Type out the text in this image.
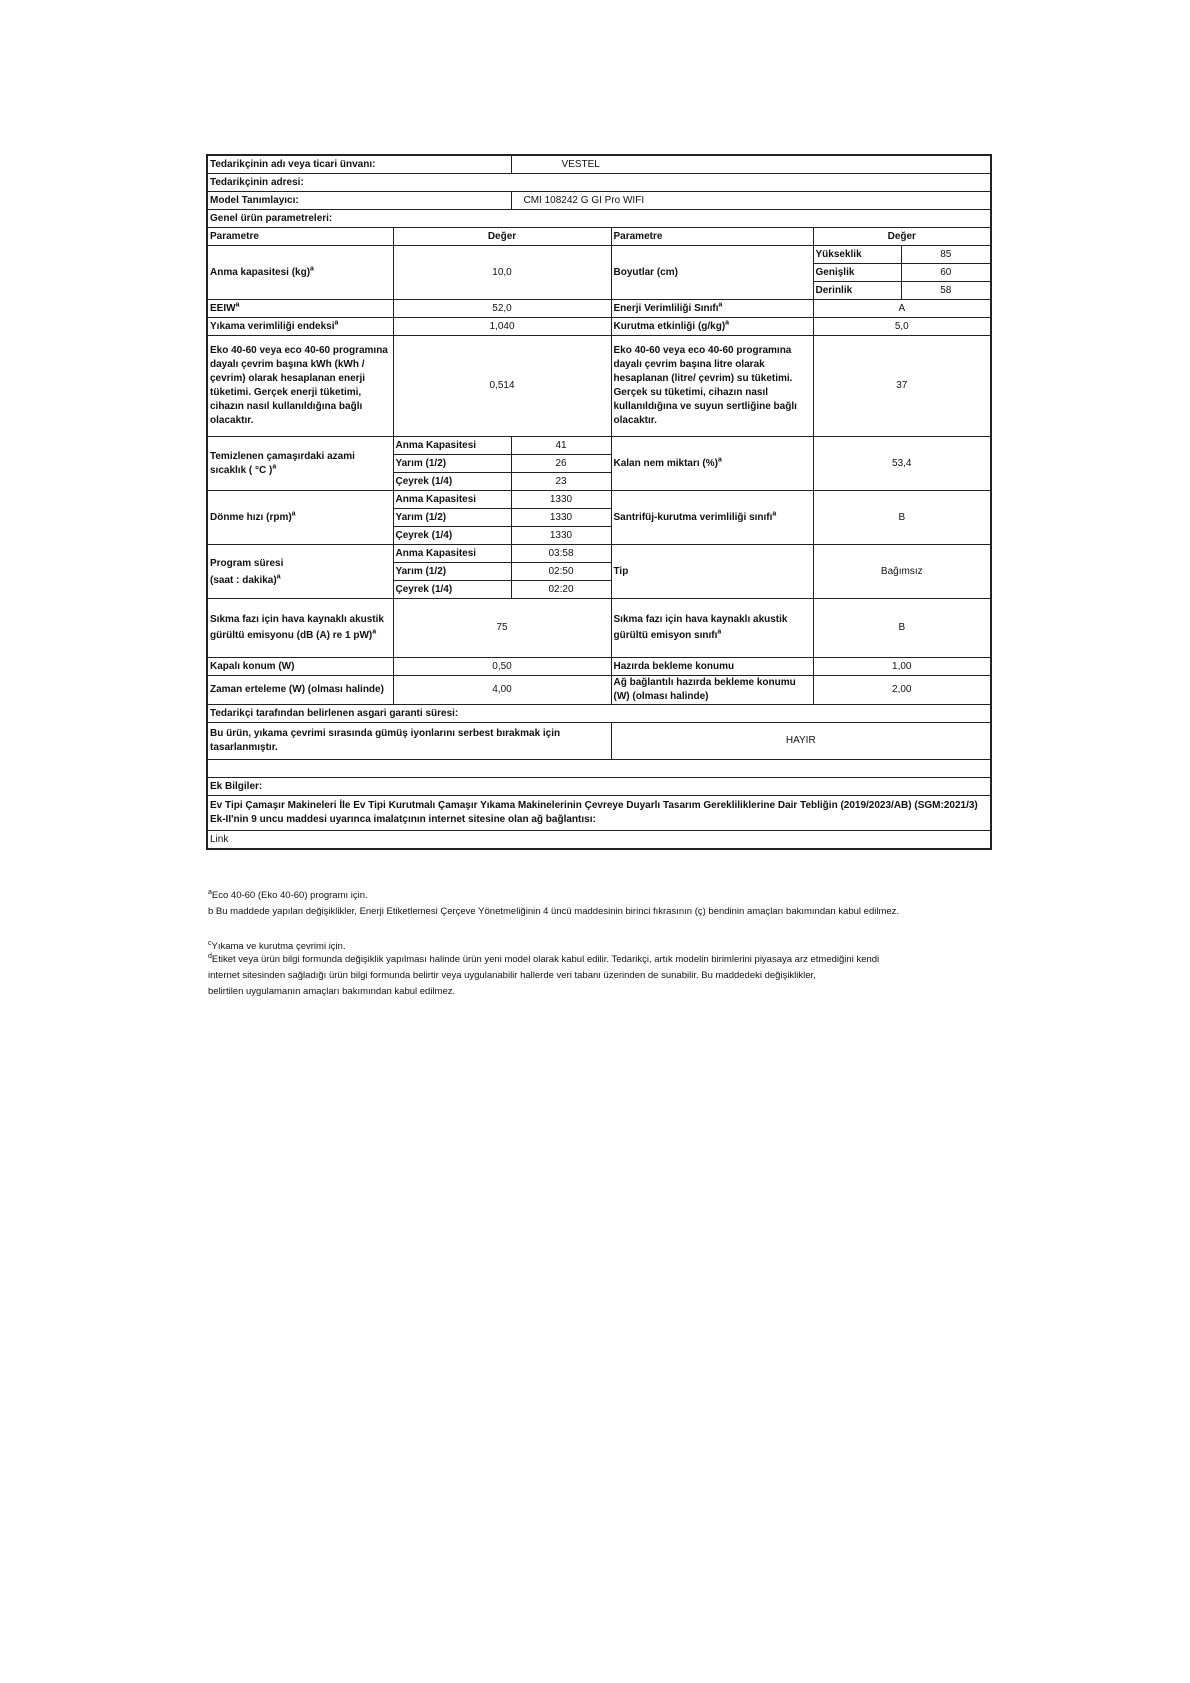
Tedarikçinin adı veya ticari ünvanı:		VESTEL			
Tedarikçinin adresi:					
Model Tanımlayıcı:		CMI 108242 G GI Pro WIFI			
Genel ürün parametreleri:					
Parametre	Değer		Parametre	Değer	
Anma kapasitesi (kg)$^a$	10,0		Boyutlar (cm)	Yükseklik	85
				Genişlik	60
				Derinlik	58
EEIW$^a$	52,0		Enerji Verimliliği Sınıfı$^a$	A	
Yıkama verimliliği endeksi$^a$	1,040		Kurutma etkinliği $(g/kg)^a$	5,0	
Eko 40-60 veya eco 40-60 programına dayalı çevrim başına kWh (kWh / çevrim) olarak hesaplanan enerji tüketimi. Gerçek enerji tüketimi, cihazın nasıl kullanıldığına bağlı olacaktır.	0,514		Eko 40-60 veya eco 40-60 programına dayalı çevrim başına litre olarak hesaplanan (litre/ çevrim) su tüketimi. Gerçek su tüketimi, cihazın nasıl kullanıldığına ve suyun sertliğine bağlı olacaktır.	37	
Temizlenen çamaşırdaki azami sıcaklık ( °C )$^a$	Anma Kapasitesi	41	Kalan nem miktarı (%)$^a$	53,4	
	Yarım (1/2)	26			
	Çeyrek (1/4)	23			
Dönme hızı (rpm)$^a$	Anma Kapasitesi	1330	Santrifüj-kurutma verimliliği sınıfı$^a$	B	
	Yarım (1/2)	1330			
	Çeyrek (1/4)	1330			

Program süresi
(saat : dakika)$^a$	Anma Kapasitesi	03:58	Tip	Bağımsız	
	Yarım (1/2)	02:50			
	Çeyrek (1/4)	02:20			
Sıkma fazı için hava kaynaklı akustik gürültü emisyonu (dB (A) re 1 pW)$^a$	75		Sıkma fazı için hava kaynaklı akustik gürültü emisyon sınıfı$^a$	B	
Kapalı konum (W)	0,50		Hazırda bekleme konumu	1,00	
Zaman erteleme (W) (olması halinde)	4,00		Ağ bağlantılı hazırda bekleme konumu (W) (olması halinde)	2,00	
Tedarikçi tarafından belirlenen asgari garanti süresi:					
Bu ürün, yıkama çevrimi sırasında gümüş iyonlarını serbest bırakmak için tasarlanmıştır.			HAYIR		

Ek Bilgiler:					
Ev Tipi Çamaşır Makineleri İle Ev Tipi Kurutmalı Çamaşır Yıkama Makinelerinin Çevreye Duyarlı Tasarım Gerekliliklerine Dair Tebliğin (2019/2023/AB) (SGM:2021/3) Ek-II'nin 9 uncu maddesi uyarınca imalatçının internet sitesine olan ağ bağlantısı:					
Link					

$^a$Eco 40-60 (Eko 40-60) programı için.

b Bu maddede yapılan değişiklikler, Enerji Etiketlemesi Çerçeve Yönetmeliğinin 4 üncü maddesinin birinci fıkrasının (ç) bendinin amaçları bakımından kabul edilmez.

$^c$Yıkama ve kurutma çevrimi için.

$^d$Etiket veya ürün bilgi formunda değişiklik yapılması halinde ürün yeni model olarak kabul edilir. Tedarikçi, artık modelin birimlerini piyasaya arz etmediğini kendi

internet sitesinden sağladığı ürün bilgi formunda belirtir veya uygulanabilir hallerde veri tabanı üzerinden de sunabilir. Bu maddedeki değişiklikler,

belirtilen uygulamanın amaçları bakımından kabul edilmez.
